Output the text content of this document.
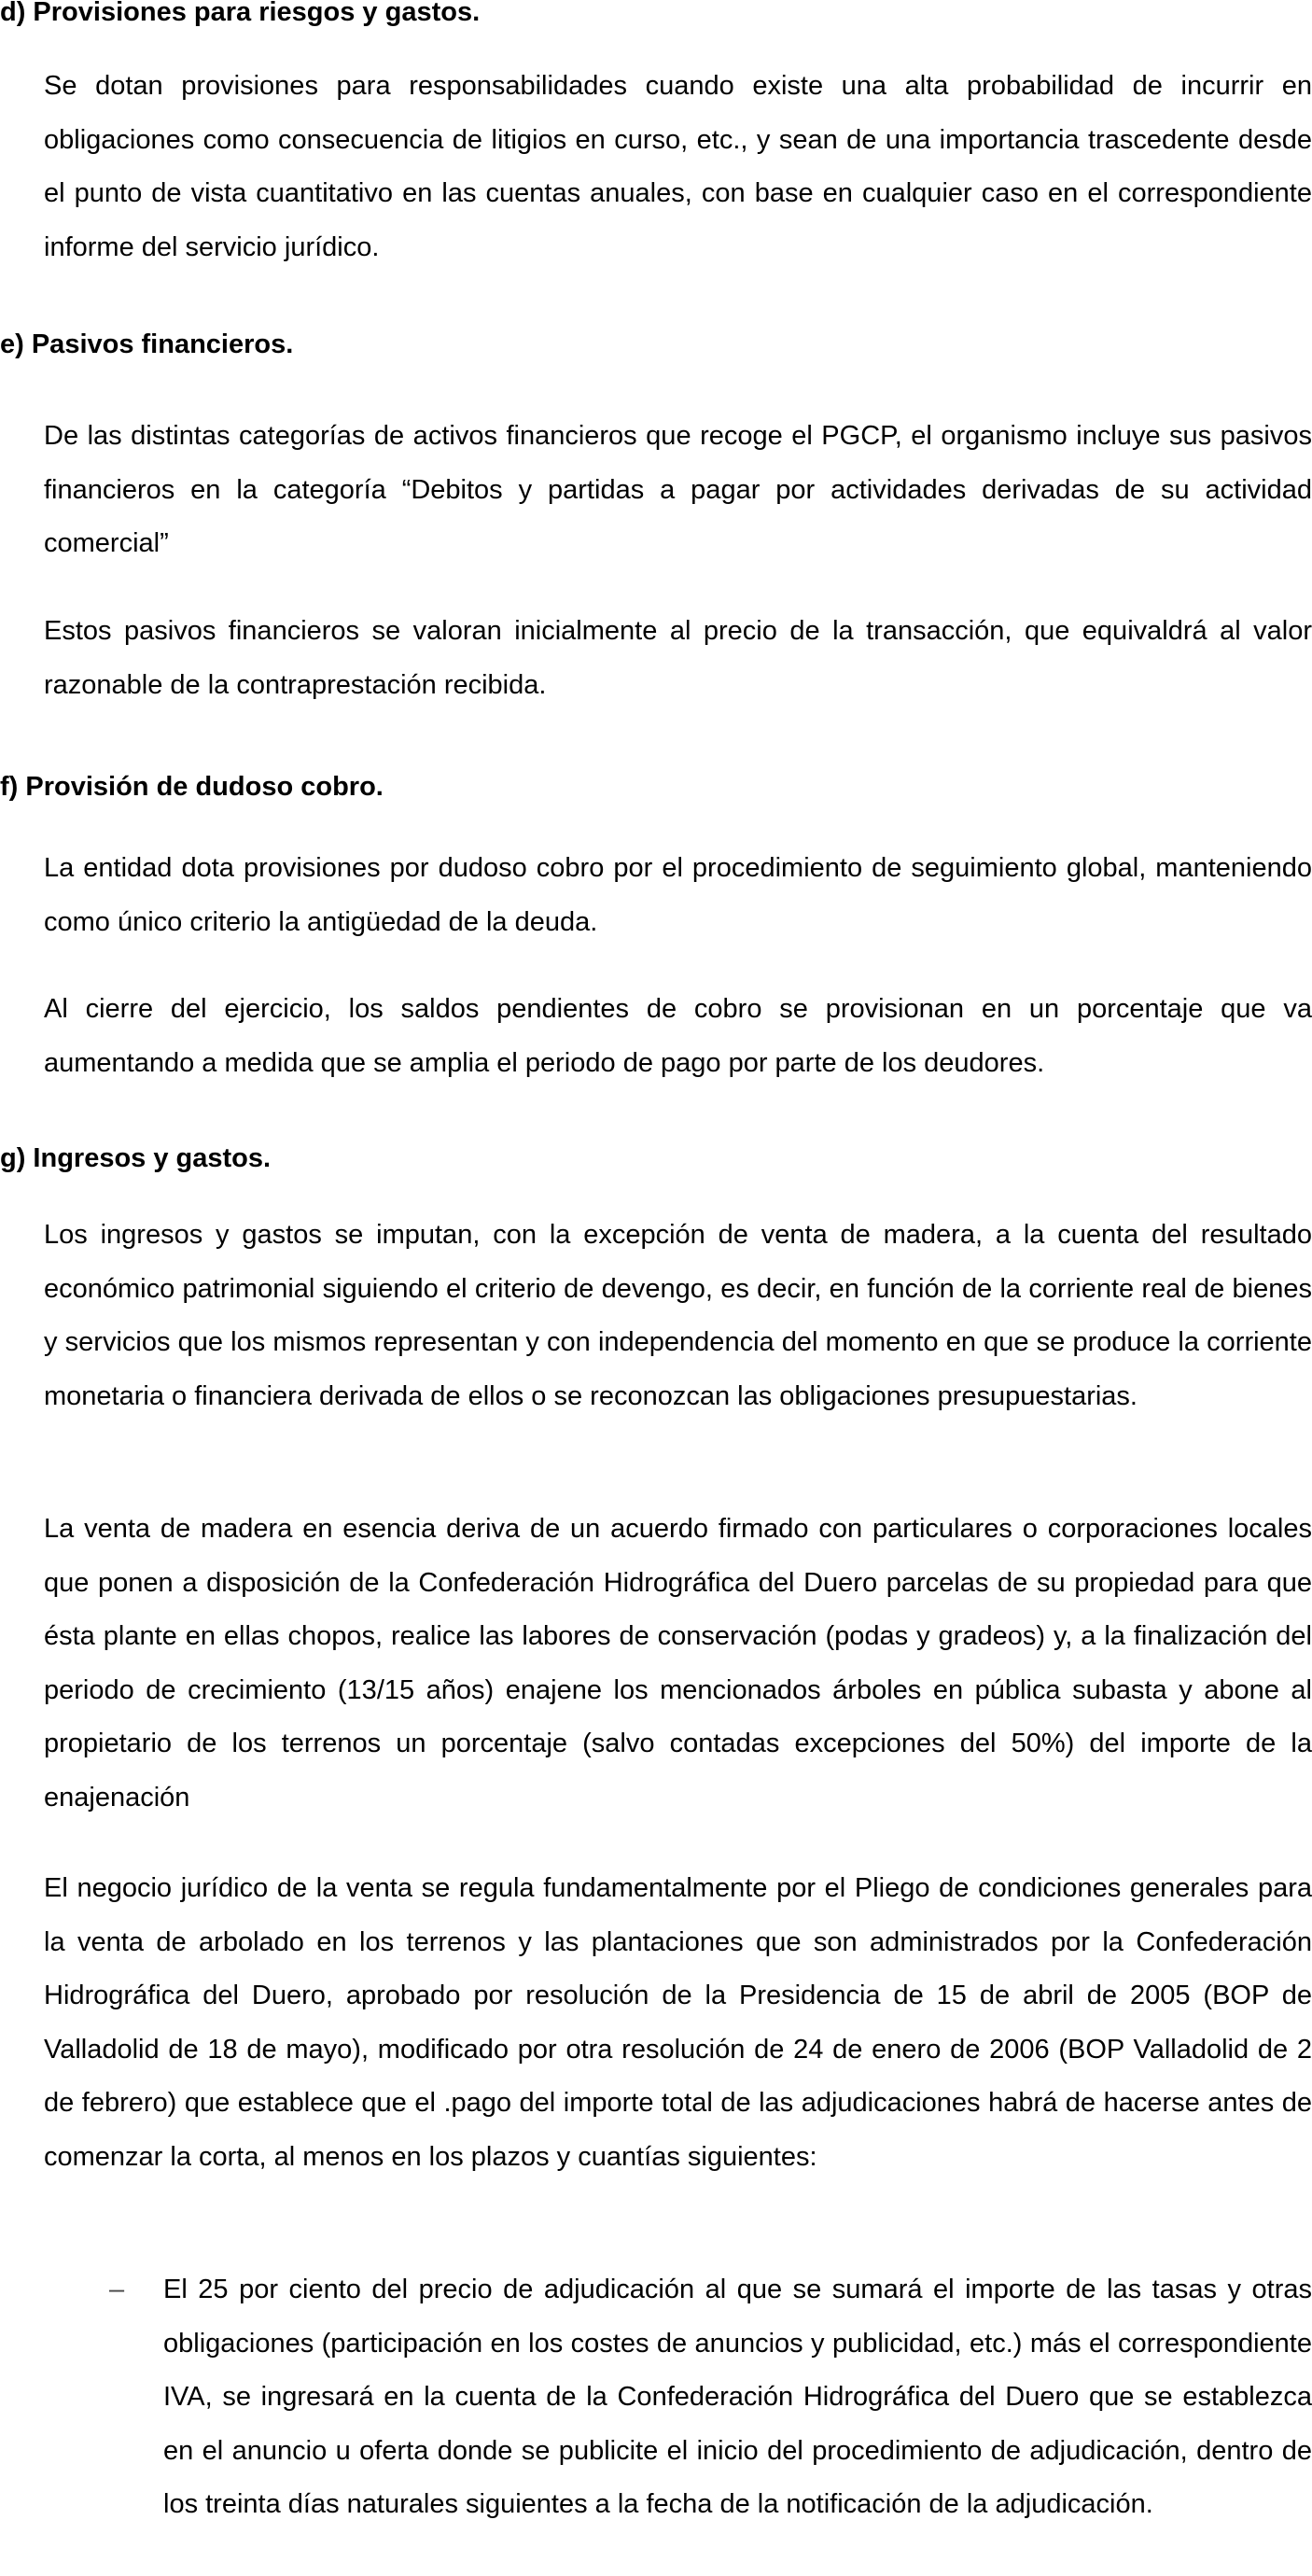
d) Provisiones para riesgos y gastos.

Se dotan provisiones para responsabilidades cuando existe una alta probabilidad de incurrir en obligaciones como consecuencia de litigios en curso, etc., y sean de una importancia trascedente desde el punto de vista cuantitativo en las cuentas anuales, con base en cualquier caso en el correspondiente informe del servicio jurídico.

e) Pasivos financieros.

De las distintas categorías de activos financieros que recoge el PGCP, el organismo incluye sus pasivos financieros en la categoría “Debitos y partidas a pagar por actividades derivadas de su actividad comercial”

Estos pasivos financieros se valoran inicialmente al precio de la transacción, que equivaldrá al valor razonable de la contraprestación recibida.

f) Provisión de dudoso cobro.

La entidad dota provisiones por dudoso cobro por el procedimiento de seguimiento global, manteniendo como único criterio la antigüedad de la deuda.

Al cierre del ejercicio, los saldos pendientes de cobro se provisionan en un porcentaje que va aumentando a medida que se amplia el periodo de pago por parte de los deudores.

g) Ingresos y gastos.

Los ingresos y gastos se imputan, con la excepción de venta de madera, a la cuenta del resultado económico patrimonial siguiendo el criterio de devengo, es decir, en función de la corriente real de bienes y servicios que los mismos representan y con independencia del momento en que se produce la corriente monetaria o financiera derivada de ellos o se reconozcan las obligaciones presupuestarias.

La venta de madera en esencia deriva de un acuerdo firmado con particulares o corporaciones locales que ponen a disposición de la Confederación Hidrográfica del Duero parcelas de su propiedad para que ésta plante en ellas chopos, realice las labores de conservación (podas y gradeos) y, a la finalización del periodo de crecimiento (13/15 años) enajene los mencionados árboles en pública subasta y abone al propietario de los terrenos un porcentaje (salvo contadas excepciones del 50%) del importe de la enajenación

El negocio jurídico de la venta se regula fundamentalmente por el Pliego de condiciones generales para la venta de arbolado en los terrenos y las plantaciones que son administrados por la Confederación Hidrográfica del Duero, aprobado por resolución de la Presidencia de 15 de abril de 2005 (BOP de Valladolid de 18 de mayo), modificado por otra resolución de 24 de enero de 2006 (BOP Valladolid de 2 de febrero) que establece que el .pago del importe total de las adjudicaciones habrá de hacerse antes de comenzar la corta, al menos en los plazos y cuantías siguientes:

– El 25 por ciento del precio de adjudicación al que se sumará el importe de las tasas y otras obligaciones (participación en los costes de anuncios y publicidad, etc.) más el correspondiente IVA, se ingresará en la cuenta de la Confederación Hidrográfica del Duero que se establezca en el anuncio u oferta donde se publicite el inicio del procedimiento de adjudicación, dentro de los treinta días naturales siguientes a la fecha de la notificación de la adjudicación.
